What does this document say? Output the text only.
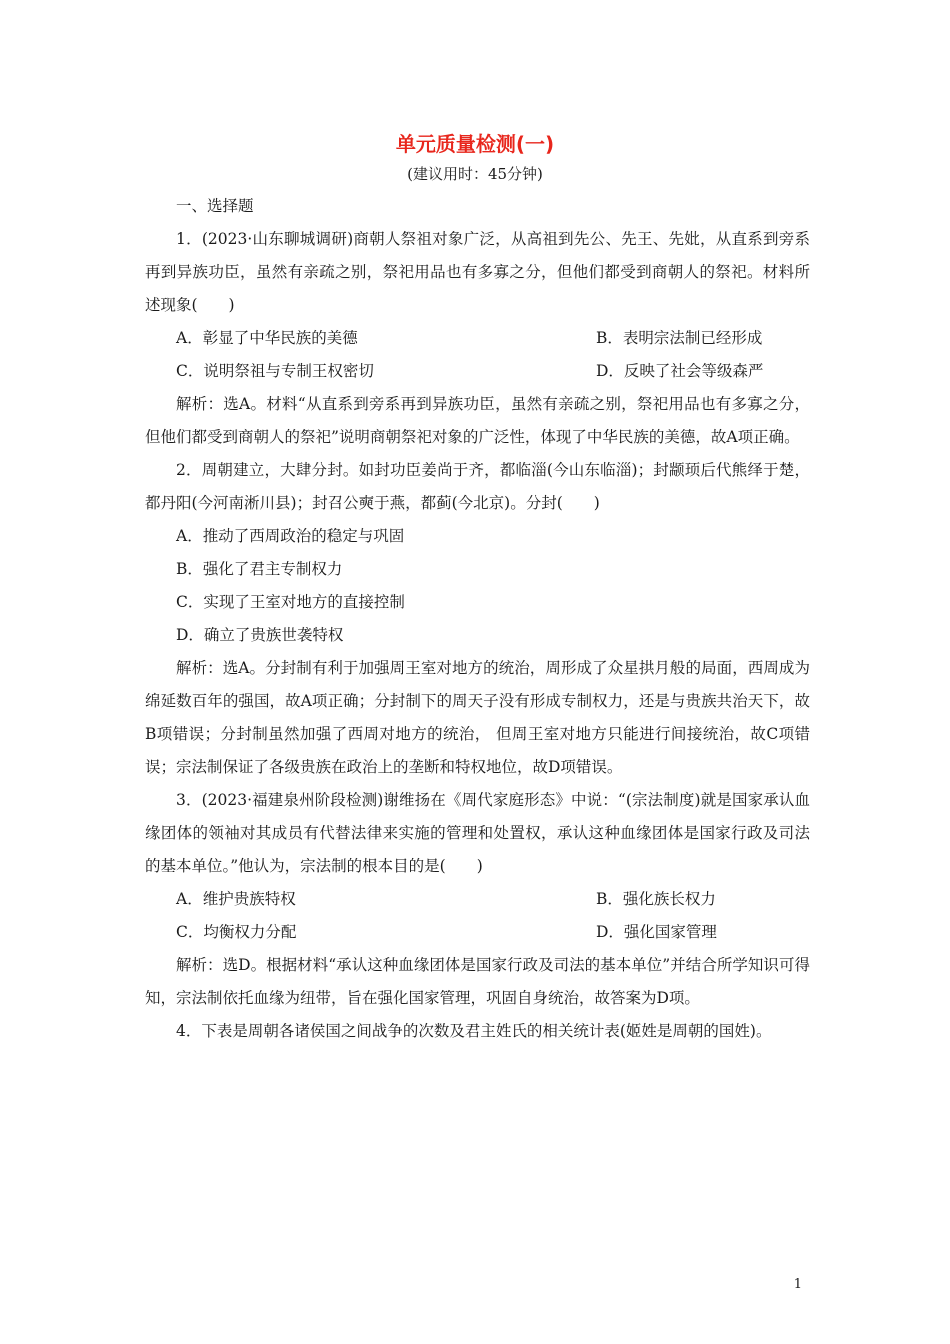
单元质量检测(一)
(建议用时：45分钟)

一、选择题

1．(2023·山东聊城调研)商朝人祭祖对象广泛，从高祖到先公、先王、先妣，从直系到旁系再到异族功臣，虽然有亲疏之别，祭祀用品也有多寡之分，但他们都受到商朝人的祭祀。材料所述现象(　　)

A．彰显了中华民族的美德	B．表明宗法制已经形成
C．说明祭祖与专制王权密切	D．反映了社会等级森严

解析：选A。材料“从直系到旁系再到异族功臣，虽然有亲疏之别，祭祀用品也有多寡之分，但他们都受到商朝人的祭祀”说明商朝祭祀对象的广泛性，体现了中华民族的美德，故A项正确。

2．周朝建立，大肆分封。如封功臣姜尚于齐，都临淄(今山东临淄)；封颛顼后代熊绎于楚，都丹阳(今河南淅川县)；封召公奭于燕，都蓟(今北京)。分封(　　)

A．推动了西周政治的稳定与巩固
B．强化了君主专制权力
C．实现了王室对地方的直接控制
D．确立了贵族世袭特权

解析：选A。分封制有利于加强周王室对地方的统治，周形成了众星拱月般的局面，西周成为绵延数百年的强国，故A项正确；分封制下的周天子没有形成专制权力，还是与贵族共治天下，故B项错误；分封制虽然加强了西周对地方的统治， 但周王室对地方只能进行间接统治，故C项错误；宗法制保证了各级贵族在政治上的垄断和特权地位，故D项错误。

3．(2023·福建泉州阶段检测)谢维扬在《周代家庭形态》中说：“(宗法制度)就是国家承认血缘团体的领袖对其成员有代替法律来实施的管理和处置权，承认这种血缘团体是国家行政及司法的基本单位。”他认为，宗法制的根本目的是(　　)

A．维护贵族特权	B．强化族长权力
C．均衡权力分配	D．强化国家管理

解析：选D。根据材料“承认这种血缘团体是国家行政及司法的基本单位”并结合所学知识可得知，宗法制依托血缘为纽带，旨在强化国家管理，巩固自身统治，故答案为D项。

4．下表是周朝各诸侯国之间战争的次数及君主姓氏的相关统计表(姬姓是周朝的国姓)。

1
